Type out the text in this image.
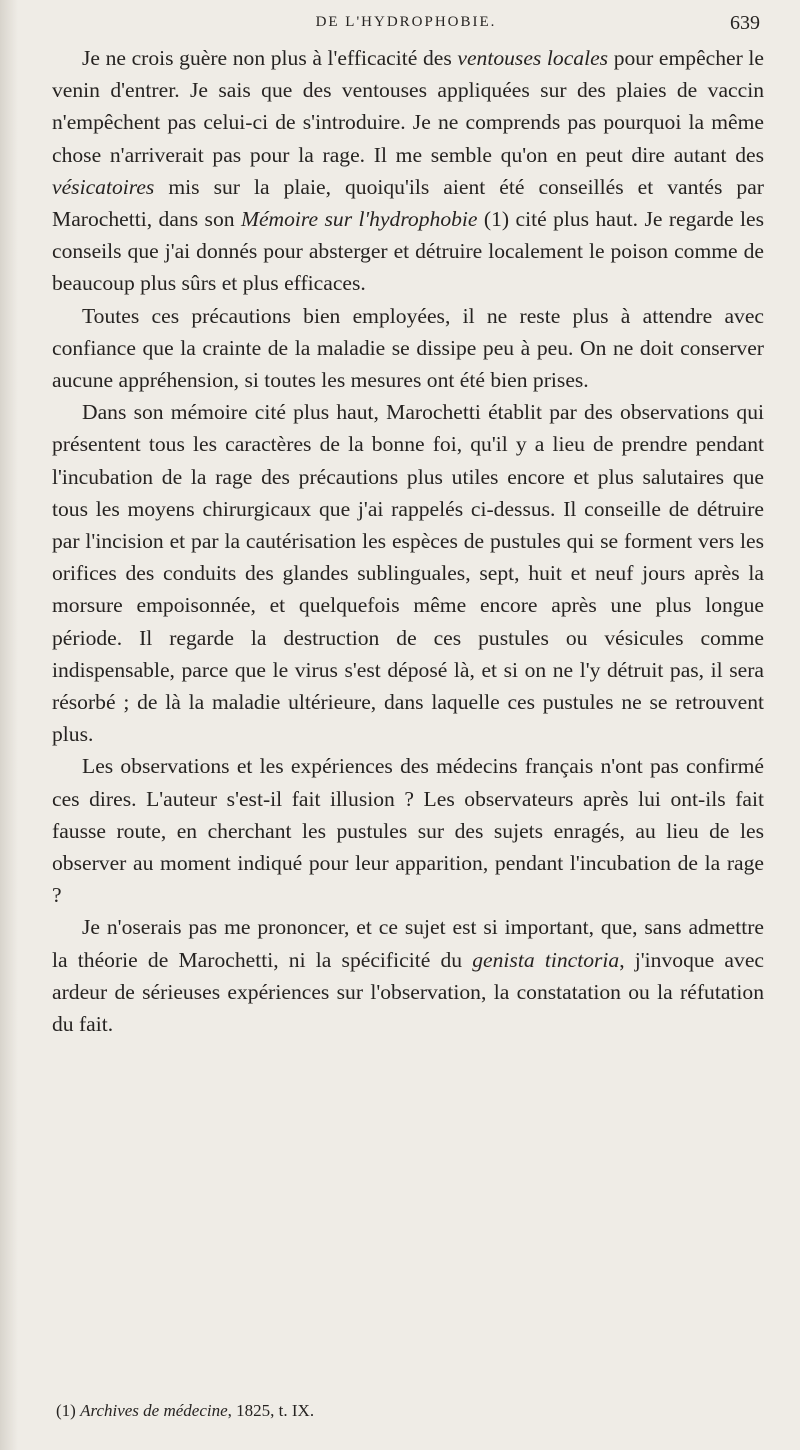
DE L'HYDROPHOBIE.	639

Je ne crois guère non plus à l'efficacité des ventouses locales pour empêcher le venin d'entrer. Je sais que des ventouses appliquées sur des plaies de vaccin n'empêchent pas celui-ci de s'introduire. Je ne comprends pas pourquoi la même chose n'arriverait pas pour la rage. Il me semble qu'on en peut dire autant des vésicatoires mis sur la plaie, quoiqu'ils aient été conseillés et vantés par Marochetti, dans son Mémoire sur l'hydrophobie (1) cité plus haut. Je regarde les conseils que j'ai donnés pour absterger et détruire localement le poison comme de beaucoup plus sûrs et plus efficaces.

Toutes ces précautions bien employées, il ne reste plus à attendre avec confiance que la crainte de la maladie se dissipe peu à peu. On ne doit conserver aucune appréhension, si toutes les mesures ont été bien prises.

Dans son mémoire cité plus haut, Marochetti établit par des observations qui présentent tous les caractères de la bonne foi, qu'il y a lieu de prendre pendant l'incubation de la rage des précautions plus utiles encore et plus salutaires que tous les moyens chirurgicaux que j'ai rappelés ci-dessus. Il conseille de détruire par l'incision et par la cautérisation les espèces de pustules qui se forment vers les orifices des conduits des glandes sublinguales, sept, huit et neuf jours après la morsure empoisonnée, et quelquefois même encore après une plus longue période. Il regarde la destruction de ces pustules ou vésicules comme indispensable, parce que le virus s'est déposé là, et si on ne l'y détruit pas, il sera résorbé ; de là la maladie ultérieure, dans laquelle ces pustules ne se retrouvent plus.

Les observations et les expériences des médecins français n'ont pas confirmé ces dires. L'auteur s'est-il fait illusion ? Les observateurs après lui ont-ils fait fausse route, en cherchant les pustules sur des sujets enragés, au lieu de les observer au moment indiqué pour leur apparition, pendant l'incubation de la rage ?

Je n'oserais pas me prononcer, et ce sujet est si important, que, sans admettre la théorie de Marochetti, ni la spécificité du genista tinctoria, j'invoque avec ardeur de sérieuses expériences sur l'observation, la constatation ou la réfutation du fait.

(1) Archives de médecine, 1825, t. IX.
